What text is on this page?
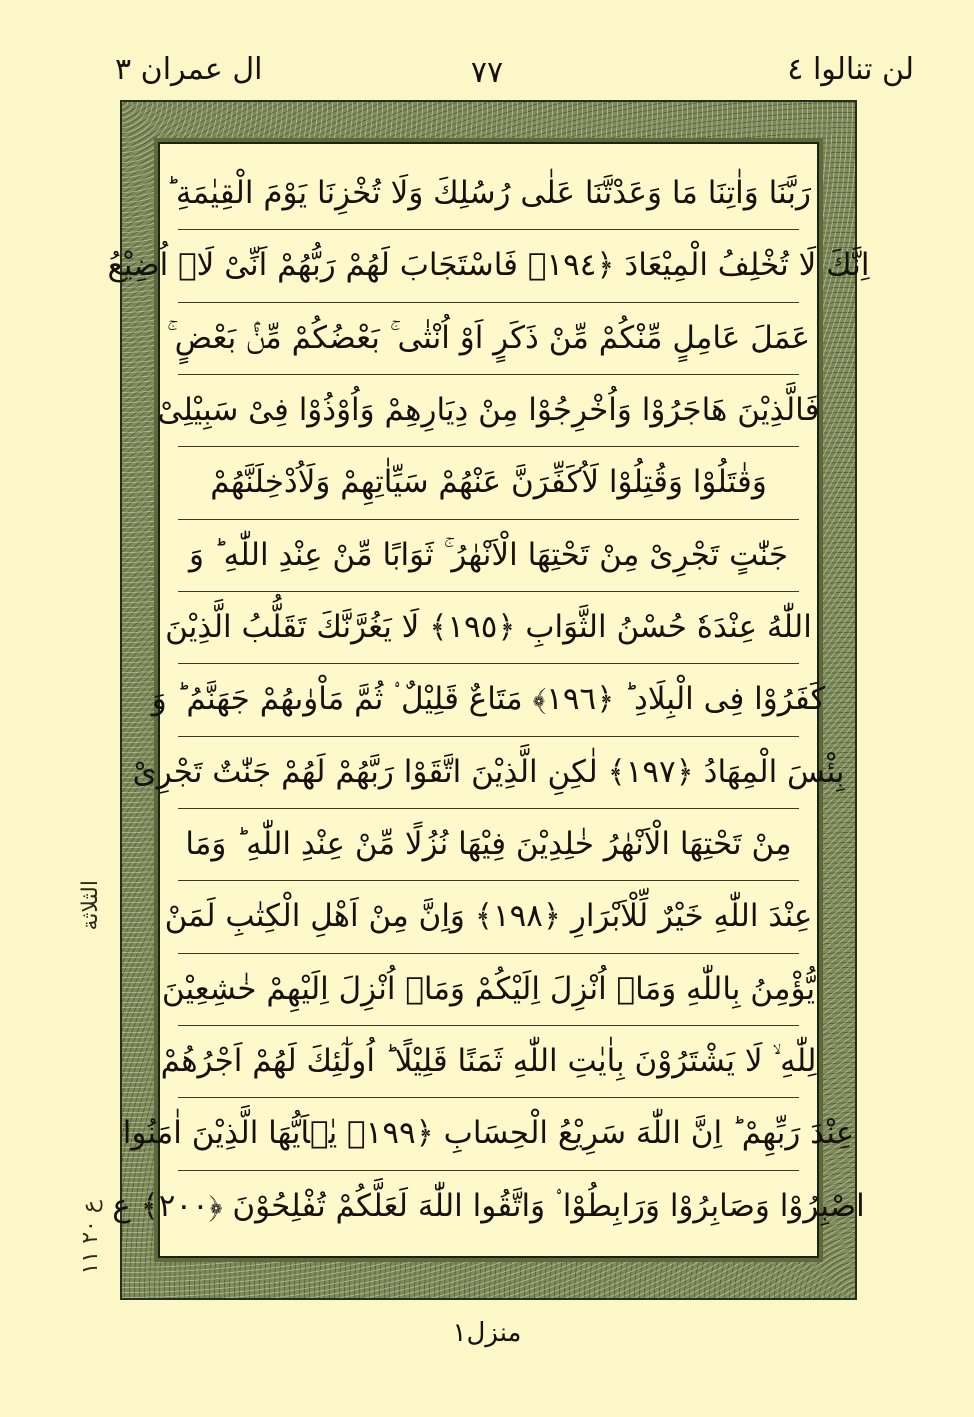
لن تنالوا ٤
٧٧
ال عمران ٣
رَبَّنَا وَاٰتِنَا مَا وَعَدْتَّنَا عَلٰى رُسُلِكَ وَلَا تُخْزِنَا يَوْمَ الْقِيٰمَةِ ؕ
اِنَّكَ لَا تُخْلِفُ الْمِيْعَادَ ﴿١٩٤﴾ فَاسْتَجَابَ لَهُمْ رَبُّهُمْ اَنِّىْ لَاۤ اُضِيْعُ
عَمَلَ عَامِلٍ مِّنْكُمْ مِّنْ ذَكَرٍ اَوْ اُنْثٰى ۚ بَعْضُكُمْ مِّنْۢ بَعْضٍ ۚ
فَالَّذِيْنَ هَاجَرُوْا وَاُخْرِجُوْا مِنْ دِيَارِهِمْ وَاُوْذُوْا فِىْ سَبِيْلِىْ
وَقٰتَلُوْا وَقُتِلُوْا لَاُكَفِّرَنَّ عَنْهُمْ سَيِّاٰتِهِمْ وَلَاُدْخِلَنَّهُمْ
جَنّٰتٍ تَجْرِىْ مِنْ تَحْتِهَا الْاَنْهٰرُ ۚ ثَوَابًا مِّنْ عِنْدِ اللّٰهِ ؕ وَ
اللّٰهُ عِنْدَهٗ حُسْنُ الثَّوَابِ ﴿١٩٥﴾ لَا يَغُرَّنَّكَ تَقَلُّبُ الَّذِيْنَ
كَفَرُوْا فِى الْبِلَادِ ؕ ﴿١٩٦﴾ مَتَاعٌ قَلِيْلٌ ۟ ثُمَّ مَاْوٰىهُمْ جَهَنَّمُ ؕ وَ
بِئْسَ الْمِهَادُ ﴿١٩٧﴾ لٰكِنِ الَّذِيْنَ اتَّقَوْا رَبَّهُمْ لَهُمْ جَنّٰتٌ تَجْرِىْ
مِنْ تَحْتِهَا الْاَنْهٰرُ خٰلِدِيْنَ فِيْهَا نُزُلًا مِّنْ عِنْدِ اللّٰهِ ؕ وَمَا
عِنْدَ اللّٰهِ خَيْرٌ لِّلْاَبْرَارِ ﴿١٩٨﴾ وَاِنَّ مِنْ اَهْلِ الْكِتٰبِ لَمَنْ
يُّؤْمِنُ بِاللّٰهِ وَمَاۤ اُنْزِلَ اِلَيْكُمْ وَمَاۤ اُنْزِلَ اِلَيْهِمْ خٰشِعِيْنَ
لِلّٰهِ ۙ لَا يَشْتَرُوْنَ بِاٰيٰتِ اللّٰهِ ثَمَنًا قَلِيْلًا ؕ اُولٰٓئِكَ لَهُمْ اَجْرُهُمْ
عِنْدَ رَبِّهِمْ ؕ اِنَّ اللّٰهَ سَرِيْعُ الْحِسَابِ ﴿١٩٩﴾ يٰۤاَيُّهَا الَّذِيْنَ اٰمَنُوا
اصْبِرُوْا وَصَابِرُوْا وَرَابِطُوْا ۟ وَاتَّقُوا اللّٰهَ لَعَلَّكُمْ تُفْلِحُوْنَ ﴿٢٠٠﴾ ع
الثلاثة
ع ٢٠ ١١
منزل١
